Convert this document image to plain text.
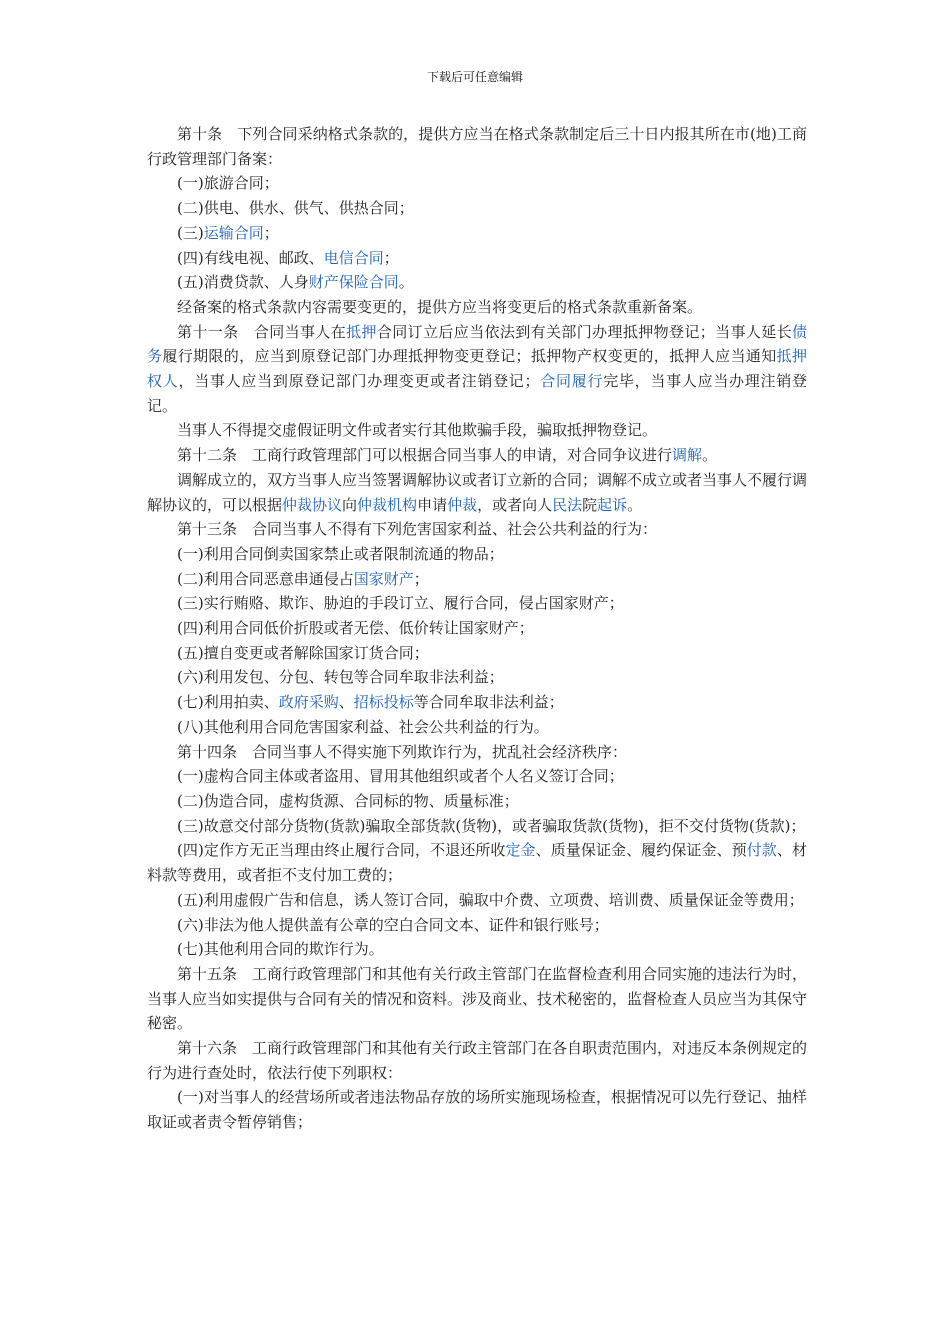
下载后可任意编辑

第十条　下列合同采纳格式条款的，提供方应当在格式条款制定后三十日内报其所在市(地)工商行政管理部门备案：

(一)旅游合同；

(二)供电、供水、供气、供热合同；

(三)运输合同；

(四)有线电视、邮政、电信合同；

(五)消费贷款、人身财产保险合同。

经备案的格式条款内容需要变更的，提供方应当将变更后的格式条款重新备案。

第十一条　合同当事人在抵押合同订立后应当依法到有关部门办理抵押物登记；当事人延长债务履行期限的，应当到原登记部门办理抵押物变更登记；抵押物产权变更的，抵押人应当通知抵押权人，当事人应当到原登记部门办理变更或者注销登记；合同履行完毕，当事人应当办理注销登记。

当事人不得提交虚假证明文件或者实行其他欺骗手段，骗取抵押物登记。

第十二条　工商行政管理部门可以根据合同当事人的申请，对合同争议进行调解。

调解成立的，双方当事人应当签署调解协议或者订立新的合同；调解不成立或者当事人不履行调解协议的，可以根据仲裁协议向仲裁机构申请仲裁，或者向人民法院起诉。

第十三条　合同当事人不得有下列危害国家利益、社会公共利益的行为：

(一)利用合同倒卖国家禁止或者限制流通的物品；

(二)利用合同恶意串通侵占国家财产；

(三)实行贿赂、欺诈、胁迫的手段订立、履行合同，侵占国家财产；

(四)利用合同低价折股或者无偿、低价转让国家财产；

(五)擅自变更或者解除国家订货合同；

(六)利用发包、分包、转包等合同牟取非法利益；

(七)利用拍卖、政府采购、招标投标等合同牟取非法利益；

(八)其他利用合同危害国家利益、社会公共利益的行为。

第十四条　合同当事人不得实施下列欺诈行为，扰乱社会经济秩序：

(一)虚构合同主体或者盗用、冒用其他组织或者个人名义签订合同；

(二)伪造合同，虚构货源、合同标的物、质量标准；

(三)故意交付部分货物(货款)骗取全部货款(货物)，或者骗取货款(货物)，拒不交付货物(货款)；

(四)定作方无正当理由终止履行合同，不退还所收定金、质量保证金、履约保证金、预付款、材料款等费用，或者拒不支付加工费的；

(五)利用虚假广告和信息，诱人签订合同，骗取中介费、立项费、培训费、质量保证金等费用；

(六)非法为他人提供盖有公章的空白合同文本、证件和银行账号；

(七)其他利用合同的欺诈行为。

第十五条　工商行政管理部门和其他有关行政主管部门在监督检查利用合同实施的违法行为时，当事人应当如实提供与合同有关的情况和资料。涉及商业、技术秘密的，监督检查人员应当为其保守秘密。

第十六条　工商行政管理部门和其他有关行政主管部门在各自职责范围内，对违反本条例规定的行为进行查处时，依法行使下列职权：

(一)对当事人的经营场所或者违法物品存放的场所实施现场检查，根据情况可以先行登记、抽样取证或者责令暂停销售；
